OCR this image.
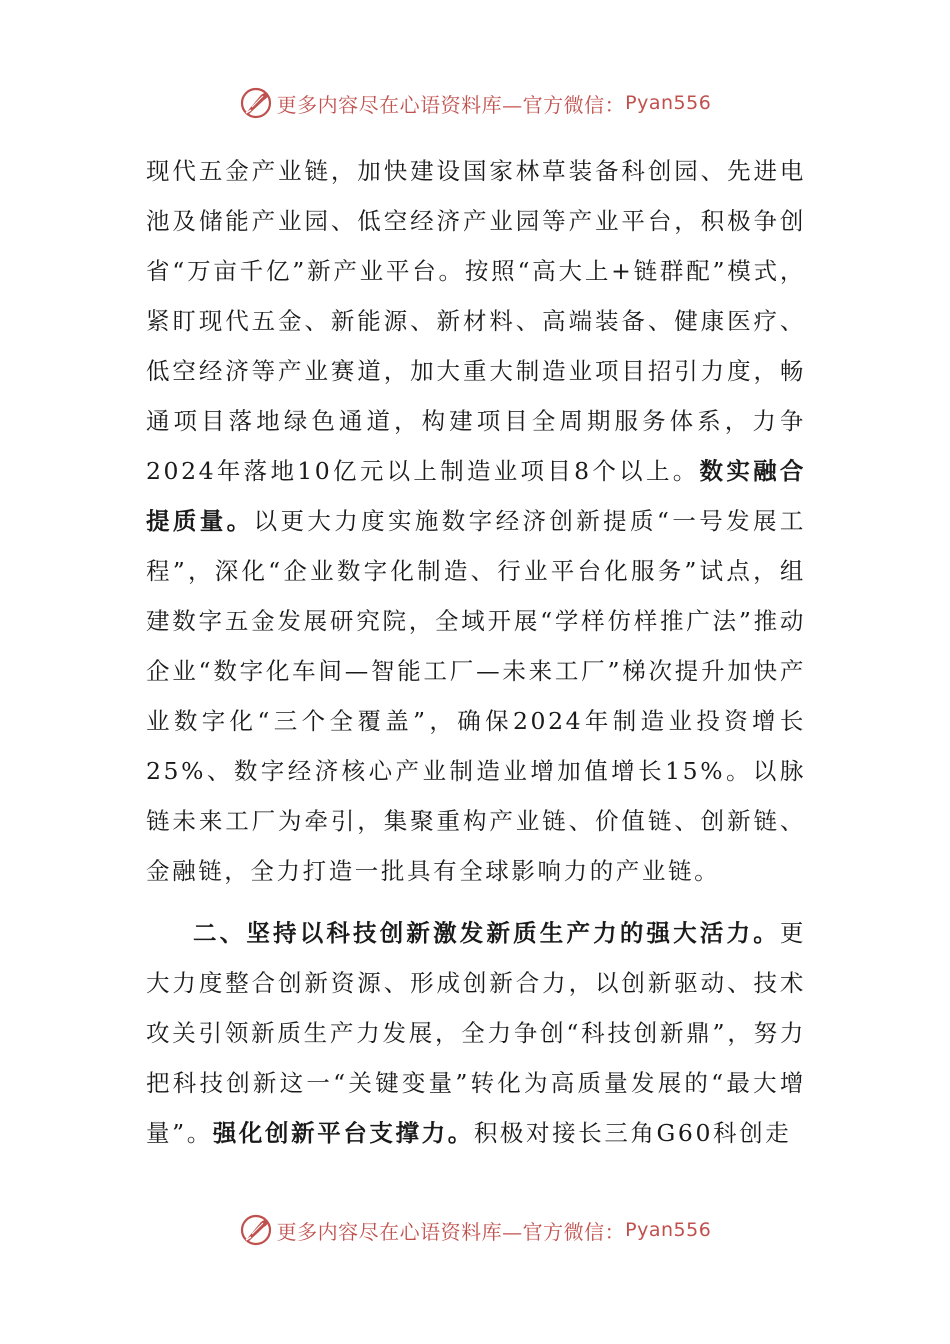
更多内容尽在心语资料库—官方微信： Pyan556

现代五金产业链，加快建设国家林草装备科创园、先进电池及储能产业园、低空经济产业园等产业平台，积极争创省“万亩千亿”新产业平台。按照“高大上+链群配”模式，紧盯现代五金、新能源、新材料、高端装备、健康医疗、低空经济等产业赛道，加大重大制造业项目招引力度，畅通项目落地绿色通道，构建项目全周期服务体系，力争2024年落地10亿元以上制造业项目8个以上。数实融合提质量。以更大力度实施数字经济创新提质“一号发展工程”，深化“企业数字化制造、行业平台化服务”试点，组建数字五金发展研究院，全域开展“学样仿样推广法”推动企业“数字化车间—智能工厂—未来工厂”梯次提升加快产业数字化“三个全覆盖”，确保2024年制造业投资增长25%、数字经济核心产业制造业增加值增长15%。以脉链未来工厂为牵引，集聚重构产业链、价值链、创新链、金融链，全力打造一批具有全球影响力的产业链。

二、坚持以科技创新激发新质生产力的强大活力。更大力度整合创新资源、形成创新合力，以创新驱动、技术攻关引领新质生产力发展，全力争创“科技创新鼎”，努力把科技创新这一“关键变量”转化为高质量发展的“最大增量”。强化创新平台支撑力。积极对接长三角G60科创走

更多内容尽在心语资料库—官方微信： Pyan556
